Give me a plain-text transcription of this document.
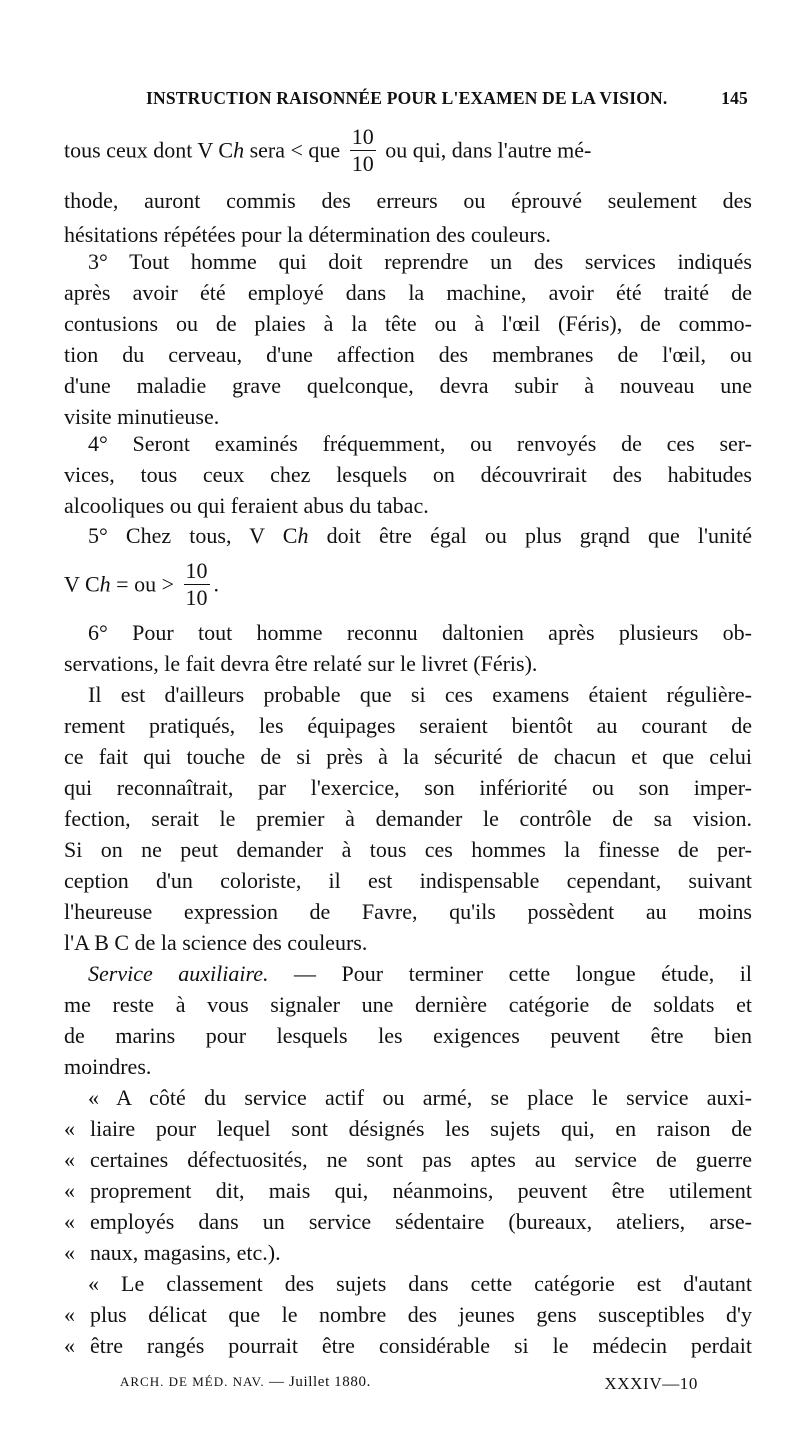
INSTRUCTION RAISONNÉE POUR L'EXAMEN DE LA VISION.	145
tous ceux dont V Ch sera < que $\frac{10}{10}$ ou qui, dans l'autre mé-
thode, auront commis des erreurs ou éprouvé seulement des
hésitations répétées pour la détermination des couleurs.
3° Tout homme qui doit reprendre un des services indiqués
après avoir été employé dans la machine, avoir été traité de
contusions ou de plaies à la tête ou à l'œil (Féris), de commo-
tion du cerveau, d'une affection des membranes de l'œil, ou
d'une maladie grave quelconque, devra subir à nouveau une
visite minutieuse.
4° Seront examinés fréquemment, ou renvoyés de ces ser-
vices, tous ceux chez lesquels on découvrirait des habitudes
alcooliques ou qui feraient abus du tabac.
5° Chez tous, V Ch doit être égal ou plus grąnd que l'unité
V Ch = ou > $\frac{10}{10}$ .
6° Pour tout homme reconnu daltonien après plusieurs ob-
servations, le fait devra être relaté sur le livret (Féris).
Il est d'ailleurs probable que si ces examens étaient régulière-
rement pratiqués, les équipages seraient bientôt au courant de
ce fait qui touche de si près à la sécurité de chacun et que celui
qui reconnaîtrait, par l'exercice, son infériorité ou son imper-
fection, serait le premier à demander le contrôle de sa vision.
Si on ne peut demander à tous ces hommes la finesse de per-
ception d'un coloriste, il est indispensable cependant, suivant
l'heureuse expression de Favre, qu'ils possèdent au moins
l'A B C de la science des couleurs.
Service auxiliaire. — Pour terminer cette longue étude, il
me reste à vous signaler une dernière catégorie de soldats et
de marins pour lesquels les exigences peuvent être bien
moindres.
« A côté du service actif ou armé, se place le service auxi-
« liaire pour lequel sont désignés les sujets qui, en raison de
« certaines défectuosités, ne sont pas aptes au service de guerre
« proprement dit, mais qui, néanmoins, peuvent être utilement
« employés dans un service sédentaire (bureaux, ateliers, arse-
« naux, magasins, etc.).
« Le classement des sujets dans cette catégorie est d'autant
« plus délicat que le nombre des jeunes gens susceptibles d'y
« être rangés pourrait être considérable si le médecin perdait
ARCH. DE MÉD. NAV. — Juillet 1880.	XXXIV—10
